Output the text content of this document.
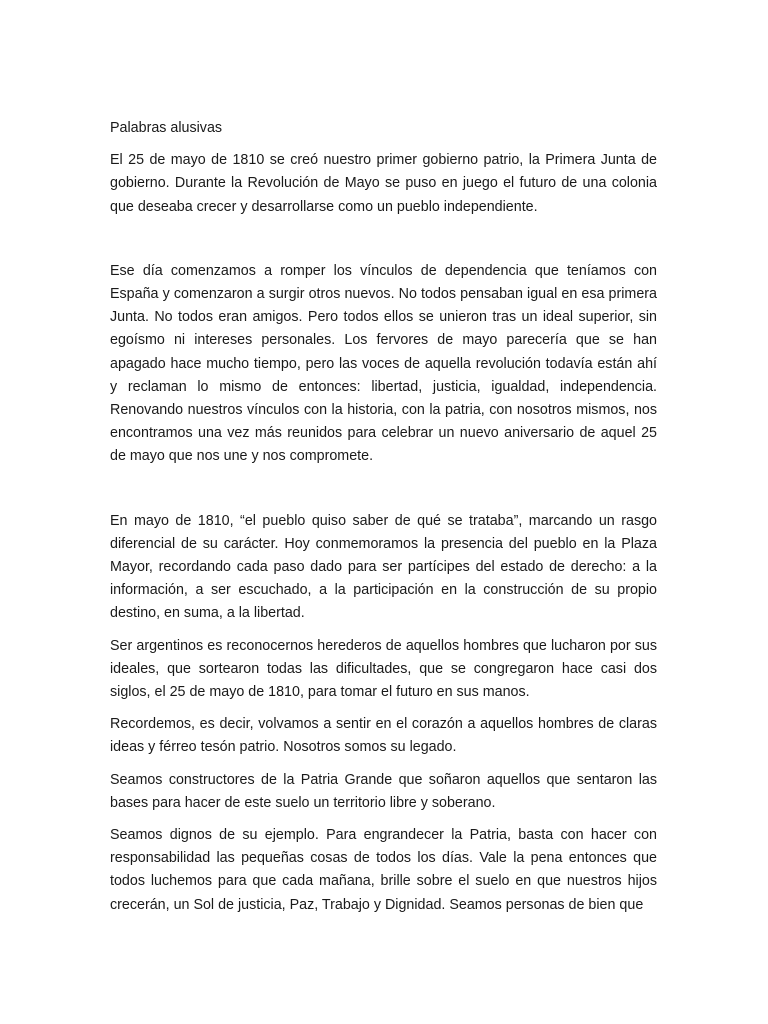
Palabras alusivas

El 25 de mayo de 1810 se creó nuestro primer gobierno patrio, la Primera Junta de gobierno. Durante la Revolución de Mayo se puso en juego el futuro de una colonia que deseaba crecer y desarrollarse como un pueblo independiente.

Ese día comenzamos a romper los vínculos de dependencia que teníamos con España y comenzaron a surgir otros nuevos. No todos pensaban igual en esa primera Junta. No todos eran amigos. Pero todos ellos se unieron tras un ideal superior, sin egoísmo ni intereses personales. Los fervores de mayo parecería que se han apagado hace mucho tiempo, pero las voces de aquella revolución todavía están ahí y reclaman lo mismo de entonces: libertad, justicia, igualdad, independencia. Renovando nuestros vínculos con la historia, con la patria, con nosotros mismos, nos encontramos una vez más reunidos para celebrar un nuevo aniversario de aquel 25 de mayo que nos une y nos compromete.

En mayo de 1810, “el pueblo quiso saber de qué se trataba”, marcando un rasgo diferencial de su carácter. Hoy conmemoramos la presencia del pueblo en la Plaza Mayor, recordando cada paso dado para ser partícipes del estado de derecho: a la información, a ser escuchado, a la participación en la construcción de su propio destino, en suma, a la libertad.

Ser argentinos es reconocernos herederos de aquellos hombres que lucharon por sus ideales, que sortearon todas las dificultades, que se congregaron hace casi dos siglos, el 25 de mayo de 1810, para tomar el futuro en sus manos.

Recordemos, es decir, volvamos a sentir en el corazón a aquellos hombres de claras ideas y férreo tesón patrio. Nosotros somos su legado.

Seamos constructores de la Patria Grande que soñaron aquellos que sentaron las bases para hacer de este suelo un territorio libre y soberano.

Seamos dignos de su ejemplo. Para engrandecer la Patria, basta con hacer con responsabilidad las pequeñas cosas de todos los días. Vale la pena entonces que todos luchemos para que cada mañana, brille sobre el suelo en que nuestros hijos crecerán, un Sol de justicia, Paz, Trabajo y Dignidad. Seamos personas de bien que
